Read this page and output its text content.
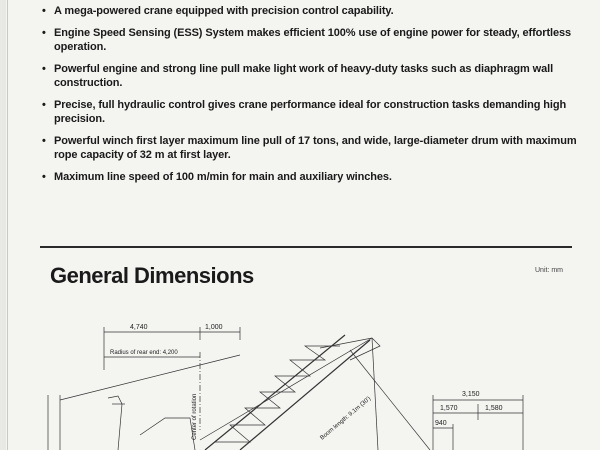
• A mega-powered crane equipped with precision control capability.
• Engine Speed Sensing (ESS) System makes efficient 100% use of engine power for steady, effortless operation.
• Powerful engine and strong line pull make light work of heavy-duty tasks such as diaphragm wall construction.
• Precise, full hydraulic control gives crane performance ideal for construction tasks demanding high precision.
• Powerful winch first layer maximum line pull of 17 tons, and wide, large-diameter drum with maximum rope capacity of 32 m at first layer.
• Maximum line speed of 100 m/min for main and auxiliary winches.
General Dimensions	Unit: mm
4,740	1,000
Radius of rear end: 4,200
Center of rotation	Boom length: 9.1m (30')
3,150
1,570	1,580
940
